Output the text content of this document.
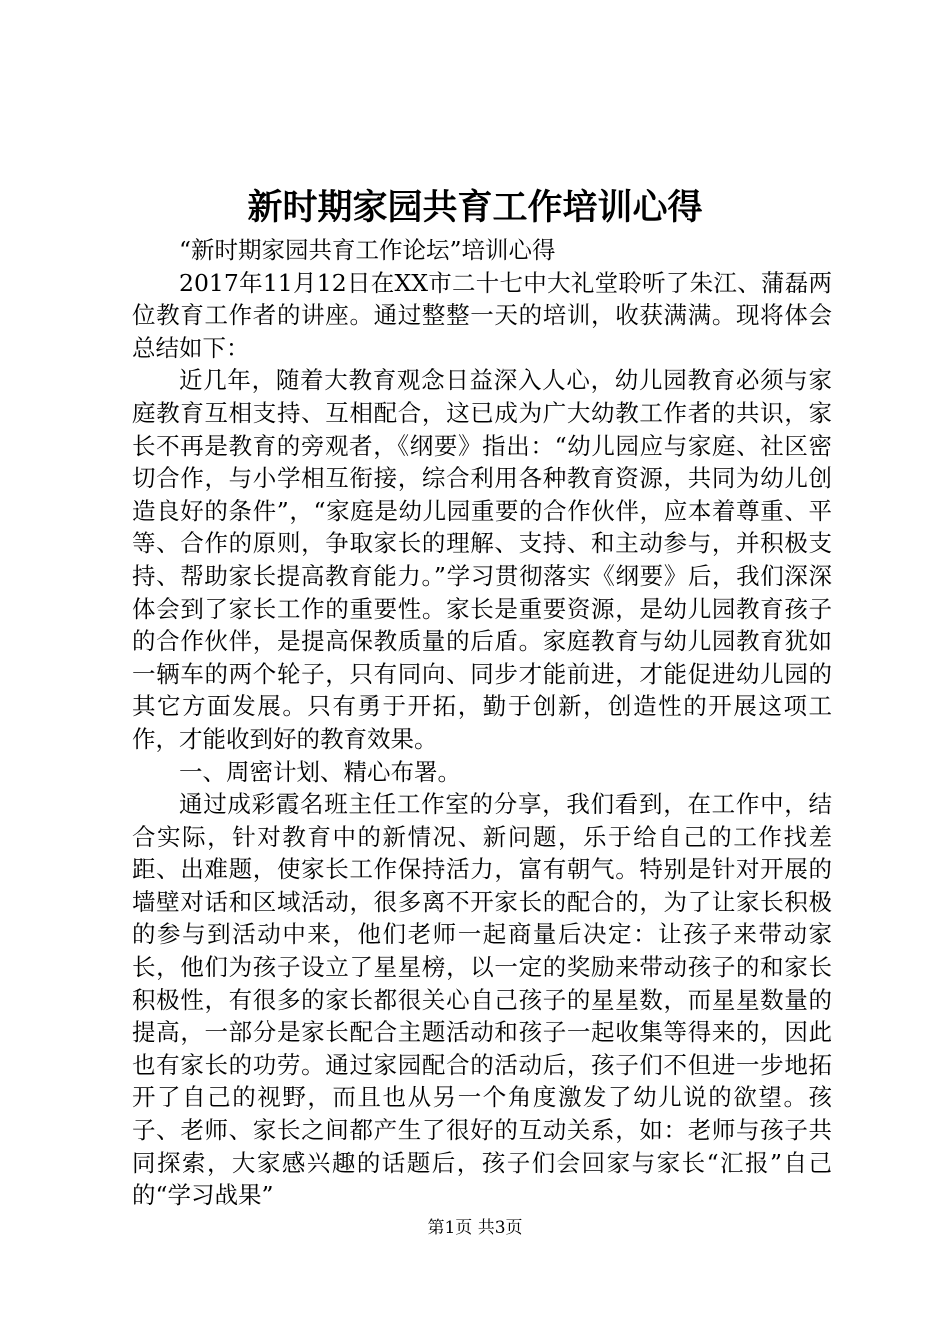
新时期家园共育工作培训心得

“新时期家园共育工作论坛”培训心得

2017年11月12日在XX市二十七中大礼堂聆听了朱江、蒲磊两位教育工作者的讲座。通过整整一天的培训，收获满满。现将体会总结如下：

近几年，随着大教育观念日益深入人心，幼儿园教育必须与家庭教育互相支持、互相配合，这已成为广大幼教工作者的共识，家长不再是教育的旁观者，《纲要》指出：“幼儿园应与家庭、社区密切合作，与小学相互衔接，综合利用各种教育资源，共同为幼儿创造良好的条件”，“家庭是幼儿园重要的合作伙伴，应本着尊重、平等、合作的原则，争取家长的理解、支持、和主动参与，并积极支持、帮助家长提高教育能力。”学习贯彻落实《纲要》后，我们深深体会到了家长工作的重要性。家长是重要资源，是幼儿园教育孩子的合作伙伴，是提高保教质量的后盾。家庭教育与幼儿园教育犹如一辆车的两个轮子，只有同向、同步才能前进，才能促进幼儿园的其它方面发展。只有勇于开拓，勤于创新，创造性的开展这项工作，才能收到好的教育效果。

一、周密计划、精心布署。

通过成彩霞名班主任工作室的分享，我们看到，在工作中，结合实际，针对教育中的新情况、新问题，乐于给自己的工作找差距、出难题，使家长工作保持活力，富有朝气。特别是针对开展的墙壁对话和区域活动，很多离不开家长的配合的，为了让家长积极的参与到活动中来，他们老师一起商量后决定：让孩子来带动家长，他们为孩子设立了星星榜，以一定的奖励来带动孩子的和家长积极性，有很多的家长都很关心自己孩子的星星数，而星星数量的提高，一部分是家长配合主题活动和孩子一起收集等得来的，因此也有家长的功劳。通过家园配合的活动后，孩子们不但进一步地拓开了自己的视野，而且也从另一个角度激发了幼儿说的欲望。孩子、老师、家长之间都产生了很好的互动关系，如：老师与孩子共同探索，大家感兴趣的话题后，孩子们会回家与家长“汇报”自己的“学习战果”

第1页 共3页
